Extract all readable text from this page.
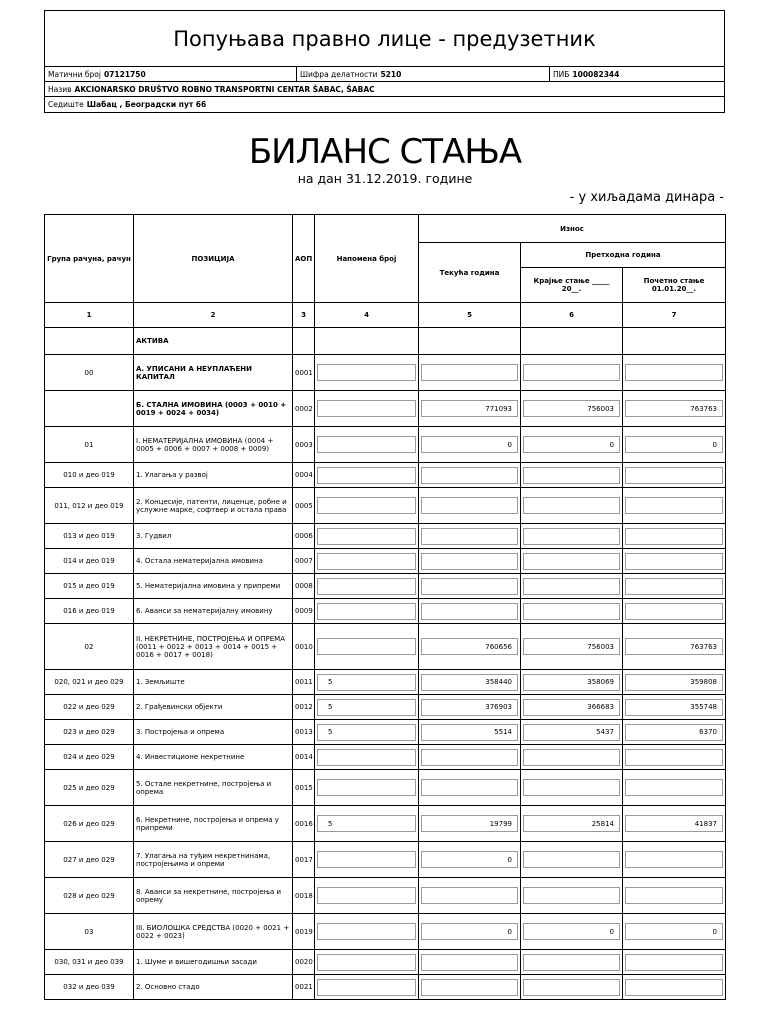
Попуњава правно лице - предузетник
Матични број 07121750	Шифра делатности 5210	ПИБ 100082344
Назив AKCIONARSKO DRUŠTVO ROBNO TRANSPORTNI CENTAR ŠABAC, ŠABAC
Седиште Шабац , Београдски пут 66
БИЛАНС СТАЊА
на дан 31.12.2019. године
- у хиљадама динара -
Група рачуна, рачун	ПОЗИЦИЈА	АОП	Напомена број	Износ		
				Текућа година	Претходна година	
					Крајње стање _____ 20__.	Почетно стање 01.01.20__.
1	2	3	4	5	6	7
	АКТИВА					
00	А. УПИСАНИ А НЕУПЛАЋЕНИ КАПИТАЛ	0001	

	Б. СТАЛНА ИМОВИНА (0003 + 0010 + 0019 + 0024 + 0034)	0002		771093	756003	763763

01	I. НЕМАТЕРИЈАЛНА ИМОВИНА (0004 + 0005 + 0006 + 0007 + 0008 + 0009)	0003		0	0	0

010 и део 019	1. Улагања у развој	0004	

011, 012 и део 019	2. Концесије, патенти, лиценце, робне и услужне марке, софтвер и остала права	0005	

013 и део 019	3. Гудвил	0006	

014 и део 019	4. Остала нематеријална имовина	0007	

015 и део 019	5. Нематеријална имовина у припреми	0008	

016 и део 019	6. Аванси за нематеријалну имовину	0009	

02	II. НЕКРЕТНИНЕ, ПОСТРОЈЕЊА И ОПРЕМА (0011 + 0012 + 0013 + 0014 + 0015 + 0016 + 0017 + 0018)	0010		760656	756003	763763

020, 021 и део 029	1. Земљиште	0011	5	358440	358069	359808

022 и део 029	2. Грађевински објекти	0012	5	376903	366683	355748

023 и део 029	3. Постројења и опрема	0013	5	5514	5437	6370

024 и део 029	4. Инвестиционе некретнине	0014	

025 и део 029	5. Остале некретнине, постројења и опрема	0015	

026 и део 029	6. Некретнине, постројења и опрема у припреми	0016	5	19799	25814	41837

027 и део 029	7. Улагања на туђим некретнинама, постројењима и опреми	0017		0		

028 и део 029	8. Аванси за некретнине, постројења и опрему	0018	

03	III. БИОЛОШКА СРЕДСТВА (0020 + 0021 + 0022 + 0023)	0019		0	0	0

030, 031 и део 039	1. Шуме и вишегодишњи засади	0020	

032 и део 039	2. Основно стадо	0021	
